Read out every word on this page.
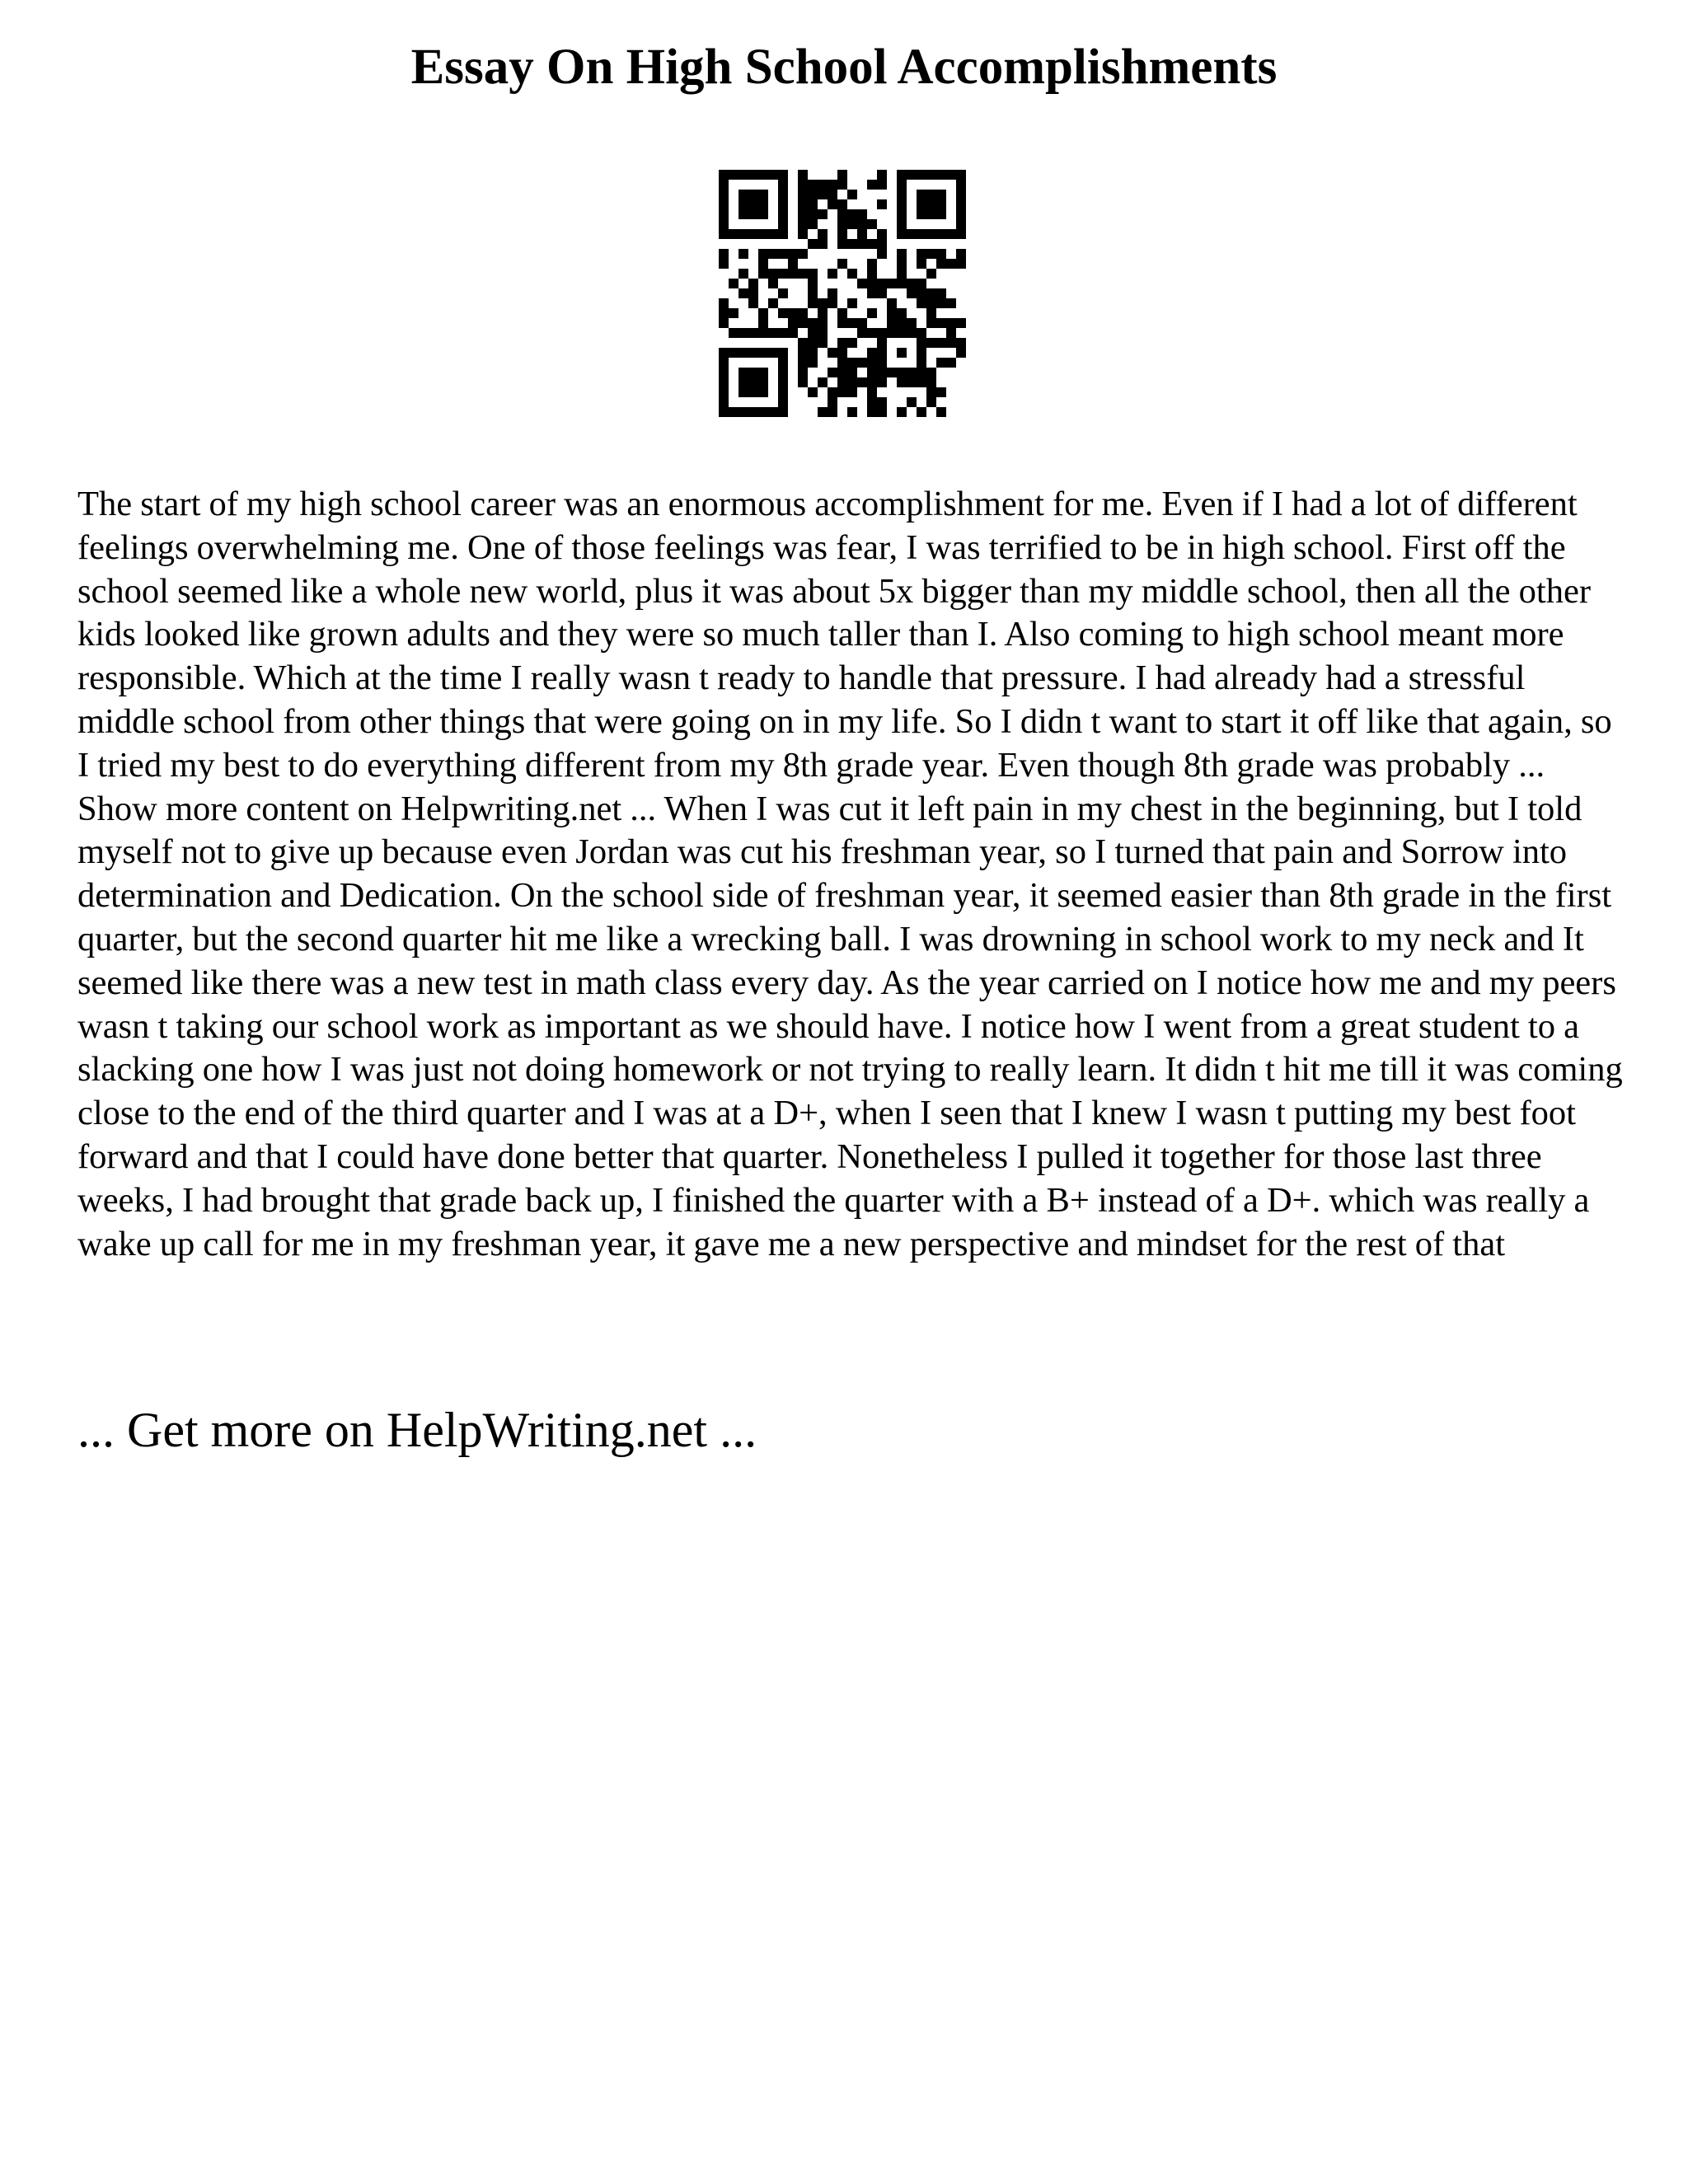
Essay On High School Accomplishments

The start of my high school career was an enormous accomplishment for me. Even if I had a lot of different feelings overwhelming me. One of those feelings was fear, I was terrified to be in high school. First off the school seemed like a whole new world, plus it was about 5x bigger than my middle school, then all the other kids looked like grown adults and they were so much taller than I. Also coming to high school meant more responsible. Which at the time I really wasn t ready to handle that pressure. I had already had a stressful middle school from other things that were going on in my life. So I didn t want to start it off like that again, so I tried my best to do everything different from my 8th grade year. Even though 8th grade was probably ... Show more content on Helpwriting.net ... When I was cut it left pain in my chest in the beginning, but I told myself not to give up because even Jordan was cut his freshman year, so I turned that pain and Sorrow into determination and Dedication. On the school side of freshman year, it seemed easier than 8th grade in the first quarter, but the second quarter hit me like a wrecking ball. I was drowning in school work to my neck and It seemed like there was a new test in math class every day. As the year carried on I notice how me and my peers wasn t taking our school work as important as we should have. I notice how I went from a great student to a slacking one how I was just not doing homework or not trying to really learn. It didn t hit me till it was coming close to the end of the third quarter and I was at a D+, when I seen that I knew I wasn t putting my best foot forward and that I could have done better that quarter. Nonetheless I pulled it together for those last three weeks, I had brought that grade back up, I finished the quarter with a B+ instead of a D+. which was really a wake up call for me in my freshman year, it gave me a new perspective and mindset for the rest of that

... Get more on HelpWriting.net ...
